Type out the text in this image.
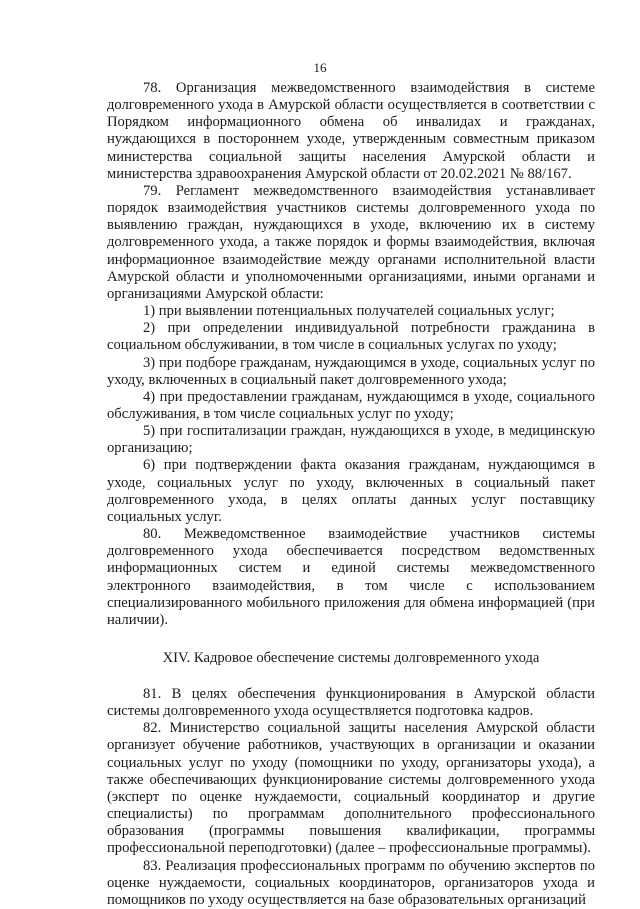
16

78. Организация межведомственного взаимодействия в системе долговременного ухода в Амурской области осуществляется в соответствии с Порядком информационного обмена об инвалидах и гражданах, нуждающихся в постороннем уходе, утвержденным совместным приказом министерства социальной защиты населения Амурской области и министерства здравоохранения Амурской области от 20.02.2021 № 88/167.

79. Регламент межведомственного взаимодействия устанавливает порядок взаимодействия участников системы долговременного ухода по выявлению граждан, нуждающихся в уходе, включению их в систему долговременного ухода, а также порядок и формы взаимодействия, включая информационное взаимодействие между органами исполнительной власти Амурской области и уполномоченными организациями, иными органами и организациями Амурской области:

1) при выявлении потенциальных получателей социальных услуг;

2) при определении индивидуальной потребности гражданина в социальном обслуживании, в том числе в социальных услугах по уходу;

3) при подборе гражданам, нуждающимся в уходе, социальных услуг по уходу, включенных в социальный пакет долговременного ухода;

4) при предоставлении гражданам, нуждающимся в уходе, социального обслуживания, в том числе социальных услуг по уходу;

5) при госпитализации граждан, нуждающихся в уходе, в медицинскую организацию;

6) при подтверждении факта оказания гражданам, нуждающимся в уходе, социальных услуг по уходу, включенных в социальный пакет долговременного ухода, в целях оплаты данных услуг поставщику социальных услуг.

80. Межведомственное взаимодействие участников системы долговременного ухода обеспечивается посредством ведомственных информационных систем и единой системы межведомственного электронного взаимодействия, в том числе с использованием специализированного мобильного приложения для обмена информацией (при наличии).

XIV. Кадровое обеспечение системы долговременного ухода

81. В целях обеспечения функционирования в Амурской области системы долговременного ухода осуществляется подготовка кадров.

82. Министерство социальной защиты населения Амурской области организует обучение работников, участвующих в организации и оказании социальных услуг по уходу (помощники по уходу, организаторы ухода), а также обеспечивающих функционирование системы долговременного ухода (эксперт по оценке нуждаемости, социальный координатор и другие специалисты) по программам дополнительного профессионального образования (программы повышения квалификации, программы профессиональной переподготовки) (далее – профессиональные программы).

83. Реализация профессиональных программ по обучению экспертов по оценке нуждаемости, социальных координаторов, организаторов ухода и помощников по уходу осуществляется на базе образовательных организаций
